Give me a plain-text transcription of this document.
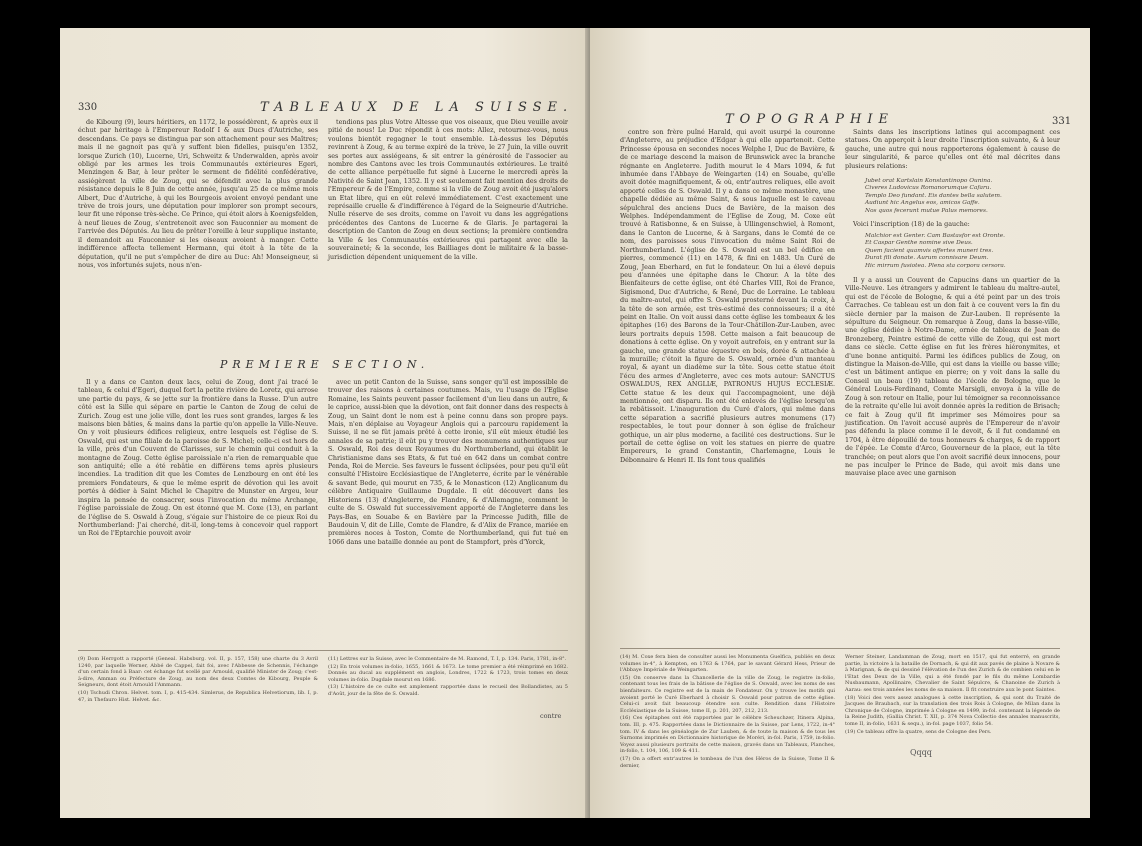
330	TABLEAUX DE LA SUISSE.

de Kibourg (9), leurs héritiers, en 1172, le possédèrent, & après eux il échut par héritage à l'Empereur Rodolf I & aux Ducs d'Autriche, ses descendans. Ce pays se distingua par son attachement pour ses Maîtres; mais il ne gagnoit pas qu'à y suffent bien fidelles, puisqu'en 1352, lorsque Zurich (10), Lucerne, Uri, Schweitz & Underwalden, après avoir obligé par les armes les trois Communautés extérieures Egeri, Menzingen & Bar, à leur prêter le serment de fidélité confédérative, assiégèrent la ville de Zoug, qui se défendit avec la plus grande résistance depuis le 8 Juin de cette année, jusqu'au 25 de ce même mois Albert, Duc d'Autriche, à qui les Bourgeois avoient envoyé pendant une trève de trois jours, une députation pour implorer son prompt secours, leur fit une réponse très-sèche. Ce Prince, qui étoit alors à Koenigsfelden, à neuf lieues de Zoug, s'entretenoit avec son Fauconnier au moment de l'arrivée des Députés. Au lieu de prêter l'oreille à leur supplique instante, il demandoit au Fauconnier si les oiseaux avoient à manger. Cette indifférence affecta tellement Hermann, qui étoit à la tête de la députation, qu'il ne put s'empêcher de dire au Duc: Ah! Monseigneur, si nous, vos infortunés sujets, nous n'en-

tendions pas plus Votre Altesse que vos oiseaux, que Dieu veuille avoir pitié de nous! Le Duc répondit à ces mots: Allez, retournez-vous, nous voulons bientôt regagner le tout ensemble. Là-dessus les Députés revinrent à Zoug, & au terme expiré de la trève, le 27 Juin, la ville ouvrit ses portes aux assiégeans, & sit entrer la générosité de l'associer au nombre des Cantons avec les trois Communautés extérieures. Le traité de cette alliance perpétuelle fut signé à Lucerne le mercredi après la Nativité de Saint Jean, 1352. Il y est seulement fait mention des droits de l'Empereur & de l'Empire, comme si la ville de Zoug avoit été jusqu'alors un Etat libre, qui en eût relevé immédiatement. C'est exactement une représaille cruelle & d'indifférence à l'égard de la Seigneurie d'Autriche. Nulle réserve de ses droits, comme on l'avoit vu dans les aggrégations précédentes des Cantons de Lucerne & de Glaris. Je partagerai la description de Canton de Zoug en deux sections; la première contiendra la Ville & les Communautés extérieures qui partagent avec elle la souveraineté; & la seconde, les Bailliages dont le militaire & la basse-jurisdiction dépendent uniquement de la ville.

PREMIERE SECTION.

Il y a dans ce Canton deux lacs, celui de Zoug, dont j'ai tracé le tableau, & celui d'Egeri, duquel fort la petite rivière de Loretz, qui arrose une partie du pays, & se jette sur la frontière dans la Russe. D'un autre côté est la Sille qui sépare en partie le Canton de Zoug de celui de Zurich. Zoug est une jolie ville, dont les rues sont grandes, larges & les maisons bien bâties, & mains dans la partie qu'on appelle la Ville-Neuve. On y voit plusieurs édifices religieux, entre lesquels est l'église de S. Oswald, qui est une filiale de la paroisse de S. Michel; celle-ci est hors de la ville, près d'un Couvent de Clarisses, sur le chemin qui conduit à la montagne de Zoug. Cette église paroissiale n'a rien de remarquable que son antiquité; elle a été rebâtie en différens tems après plusieurs incendies. La tradition dit que les Comtes de Lenzbourg en ont été les premiers Fondateurs, & que le même esprit de dévotion qui les avoit portés à dédier à Saint Michel le Chapitre de Munster en Argeu, leur inspira la pensée de consacrer, sous l'invocation du même Archange, l'église paroissiale de Zoug. On est étonné que M. Coxe (13), en parlant de l'église de S. Oswald à Zoug, s'égaie sur l'histoire de ce pieux Roi du Northumberland: J'ai cherché, dit-il, long-tems à concevoir quel rapport un Roi de l'Eptarchie pouvoit avoir

avec un petit Canton de la Suisse, sans songer qu'il est impossible de trouver des raisons à certaines coutumes. Mais, vu l'usage de l'Eglise Romaine, les Saints peuvent passer facilement d'un lieu dans un autre, & le caprice, aussi-bien que la dévotion, ont fait donner dans des respects à Zoug, un Saint dont le nom est à peine connu dans son propre pays. Mais, n'en déplaise au Voyageur Anglois qui a parcouru rapidement la Suisse, il ne se fût jamais prêté à cette ironie, s'il eût mieux étudié les annales de sa patrie; il eût pu y trouver des monumens authentiques sur S. Oswald, Roi des deux Royaumes du Northumberland, qui établit le Christianisme dans ses Etats, & fut tué en 642 dans un combat contre Penda, Roi de Mercie. Ses faveurs le fussent éclipsées, pour peu qu'il eût consulté l'Histoire Ecclésiastique de l'Angleterre, écrite par le vénérable & savant Bede, qui mourut en 735, & le Monasticon (12) Anglicanum du célèbre Antiquaire Guillaume Dugdale. Il eût découvert dans les Historiens (13) d'Angleterre, de Flandre, & d'Allemagne, comment le culte de S. Oswald fut successivement apporté de l'Angleterre dans les Pays-Bas, en Souabe & en Bavière par la Princesse Judith, fille de Baudouin V, dit de Lille, Comte de Flandre, & d'Alix de France, mariée en premières noces à Toston, Comte de Northumberland, qui fut tué en 1066 dans une bataille donnée au pont de Stampfort, près d'Yorck,

(9) Dom Herrgott a rapporté (Geneal. Habsburg. vol. II, p. 157, 158) une charte du 3 Avril 1240, par laquelle Werner, Abbé de Cappel, fait foi, avec l'Abbesse de Schennis, l'échange d'un certain fond à Baar: cet échange fut scellé par Arnould, qualifié Minister de Zoug; c'est-à-dire, Amman ou Préfecture de Zoug, au nom des deux Comtes de Kibourg, Peuple & Seigneurs, dont étoit Arnould l'Ammann.

(10) Tschudi Chron. Helvet. tom. I, p. 415-434. Simlerus, de Republica Helvetiorum, lib. I, p. 47, in Thefauro Hist. Helvet. &c.

(11) Lettres sur la Suisse, avec le Commentaire de M. Ramond, T. I, p. 134. Paris, 1781, in-8°.

(12) En trois volumes in-folio, 1655, 1661 & 1673. Le tome premier a été réimprimé en 1682. Donnés au ducal au supplément en anglois, Londres, 1722 & 1723, trois tomes en deux volumes in-folio. Dugdale mourut en 1686.

(13) L'histoire de ce culte est amplement rapportée dans le recueil des Bollandistes, au 5 d'Août, jour de la fête de S. Oswald.

contre
TOPOGRAPHIE	331

contre son frère puîné Harald, qui avoit usurpé la couronne d'Angleterre, au préjudice d'Edgar à qui elle appartenoit. Cette Princesse épousa en secondes noces Welphe I, Duc de Bavière, & de ce mariage descend la maison de Brunswick avec la branche régnante en Angleterre. Judith mourut le 4 Mars 1094, & fut inhumée dans l'Abbaye de Weingarten (14) en Souabe, qu'elle avoit dotée magnifiquement, & où, entr'autres reliques, elle avoit apporté celles de S. Oswald. Il y a dans ce même monastère, une chapelle dédiée au même Saint, & sous laquelle est le caveau sépulchral des anciens Ducs de Bavière, de la maison des Welphes. Indépendamment de l'Eglise de Zoug, M. Coxe eût trouvé à Ratisbonne, & en Suisse, à Ullingenschwiel, à Romont, dans le Canton de Lucerne, & à Sargans, dans le Comté de ce nom, des paroisses sous l'invocation du même Saint Roi de Northumberland. L'église de S. Oswald est un bel édifice en pierres, commencé (11) en 1478, & fini en 1483. Un Curé de Zoug, Jean Eberhard, en fut le fondateur. On lui a élevé depuis peu d'années une épitaphe dans le Chœur. A la tête des Bienfaiteurs de cette église, ont été Charles VIII, Roi de France, Sigismond, Duc d'Autriche, & René, Duc de Lorraine. Le tableau du maître-autel, qui offre S. Oswald prosterné devant la croix, à la tête de son armée, est très-estimé des connoisseurs; il a été peint en Italie. On voit aussi dans cette église les tombeaux & les épitaphes (16) des Barons de la Tour-Châtillon-Zur-Lauben, avec leurs portraits depuis 1598. Cette maison a fait beaucoup de donations à cette église. On y voyoit autrefois, en y entrant sur la gauche, une grande statue équestre en bois, dorée & attachée à la muraille; c'étoit la figure de S. Oswald, ornée d'un manteau royal, & ayant un diadème sur la tête. Sous cette statue étoit l'écu des armes d'Angleterre, avec ces mots autour: SANCTUS OSWALDUS, REX ANGLIÆ, PATRONUS HUJUS ECCLESIÆ. Cette statue & les deux qui l'accompagnoient, une déjà mentionnée, ont disparu. Ils ont été enlevés de l'église lorsqu'on la rebâtissoit. L'inauguration du Curé d'alors, qui même dans cette séparation a sacrifié plusieurs autres monumens (17) respectables, le tout pour donner à son église de fraîcheur gothique, un air plus moderne, a facilité ces destructions. Sur le portail de cette église on voit les statues en pierre de quatre Empereurs, le grand Constantin, Charlemagne, Louis le Débonnaire & Henri II. Ils font tous qualifiés

Saints dans les inscriptions latines qui accompagnent ces statues. On apperçoit à leur droite l'inscription suivante, & à leur gauche, une autre qui nous rapporterons également à cause de leur singularité, & parce qu'elles ont été mal décrites dans plusieurs relations:

Jubet orat Kartslain Konstantinopo Ounina.
Civeres Ludovicus Romanorumque Cafaru.
Templo Deo fundant. Eis dantes bella salutem.
Audiunt hic Angelus eos, amicos Gaffe.
Nos quos fecerunt mutue Palus memores.

Voici l'inscription (18) de la gauche:

Malchior est Genter. Cam Bastasfor est Oronte.
Et Caspar Genthe nomine sive Deus.
Quem facient quamvis offertes muneri tres.
Durat fili donate. Aurum connisare Deum.
Hic mirrum fusiotea. Plena sta corpora cersora.

Il y a aussi un Couvent de Capucins dans un quartier de la Ville-Neuve. Les étrangers y admirent le tableau du maître-autel, qui est de l'école de Bologne, & qui a été peint par un des trois Carraches. Ce tableau est un don fait à ce couvent vers la fin du siècle dernier par la maison de Zur-Lauben. Il représente la sépulture du Seigneur. On remarque à Zoug, dans la basse-ville, une église dédiée à Notre-Dame, ornée de tableaux de Jean de Bronzeberg, Peintre estimé de cette ville de Zoug, qui est mort dans ce siècle. Cette église en fut les frères hiéronymites, et d'une bonne antiquité. Parmi les édifices publics de Zoug, on distingue la Maison-de-Ville, qui est dans la vieille ou basse ville; c'est un bâtiment antique en pierre; on y voit dans la salle du Conseil un beau (19) tableau de l'école de Bologne, que le Général Louis-Ferdinand, Comte Marsigli, envoya à la ville de Zoug à son retour en Italie, pour lui témoigner sa reconnoissance de la retraite qu'elle lui avoit donnée après la redition de Brisach; ce fait à Zoug qu'il fit imprimer ses Mémoires pour sa justification. On l'avoit accusé auprès de l'Empereur de n'avoir pas défendu la place comme il le devoit, & il fut condamné en 1704, à être dépouillé de tous honneurs & charges, & de rapport de l'épée. Le Comte d'Arco, Gouverneur de la place, eut la tête tranchée; on peut alors que l'on avoit sacrifié deux innocens, pour ne pas inculper le Prince de Bade, qui avoit mis dans une mauvaise place avec une garnison

(14) M. Coxe fera bien de consulter aussi les Monumenta Guelfica, publiés en deux volumes in-4°, à Kempten, en 1763 & 1764, par le savant Gérard Hess, Prieur de l'Abbaye Impériale de Weingarten.

(15) On conserve dans la Chancellerie de la ville de Zoug, le registre in-folio, contenant tous les frais de la bâtisse de l'église de S. Oswald, avec les noms de ses bienfaiteurs. Ce registre est de la main de Fondateur. On y trouve les motifs qui avoient porté le Curé Eberhard à choisir S. Oswald pour patron de cette église. Celui-ci avoit fait beaucoup étendre son culte. Rendition dans l'Histoire Ecclésiastique de la Suisse, tome II, p. 201, 207, 212, 213.

(16) Ces épitaphes ont été rapportées par le célèbre Scheuchzer, Itinera Alpina, tom. III, p. 475. Rapportées dans le Dictionnaire de la Suisse, par Lens, 1722, in-4° tom. IV & dans les généalogie de Zur Lauben, & de toute la maison & de tous les Surnoms imprimés en Dictionnaire historique de Moréri, in-fol. Paris, 1759, in-folio. Voyez aussi plusieurs portraits de cette maison, gravés dans un Tableaux, Planches, in-folio, t. 104, 106, 109 & 411.

(17) On a offert entr'autres le tombeau de l'un des Héros de la Suisse, Tome II & dernier,

Werner Steiner, Landamman de Zoug, mort en 1517, qui fut enterré, en grande partie, la victoire à la bataille de Dornach, & qui dit aux pavés de plaine à Novare & à Marignan, & de qui dessiné l'élévation de l'un des Zurich & de combien celui en le l'Etat des Deux de la Ville, qui a été fondé par le fils du même Lombardie Nusbaumann, Apollinaire, Chevalier de Saint Sépulcre, & Chanoine de Zurich à Aarau: ses trois années les noms de sa maison. Il fit construire aux le pont Saintes.

(18) Voici des vers assez analogues à cette inscription, & qui sont du Traité de Jacques de Braubach, sur la translation des trois Rois à Cologne, de Milan dans la Chronique de Cologne, imprimée à Cologne en 1499, in-fol. contenant la légende de la Reine Judith, (Gallia Christ. T. XII, p. 374 Nova Collectio des annales manuscrits, tome II, in-folio, 1631 & sequ.), in-fol. page 1037, folio 54.

(19) Ce tableau offre la quatre, sens de Cologne des Pers.

Qqqq
